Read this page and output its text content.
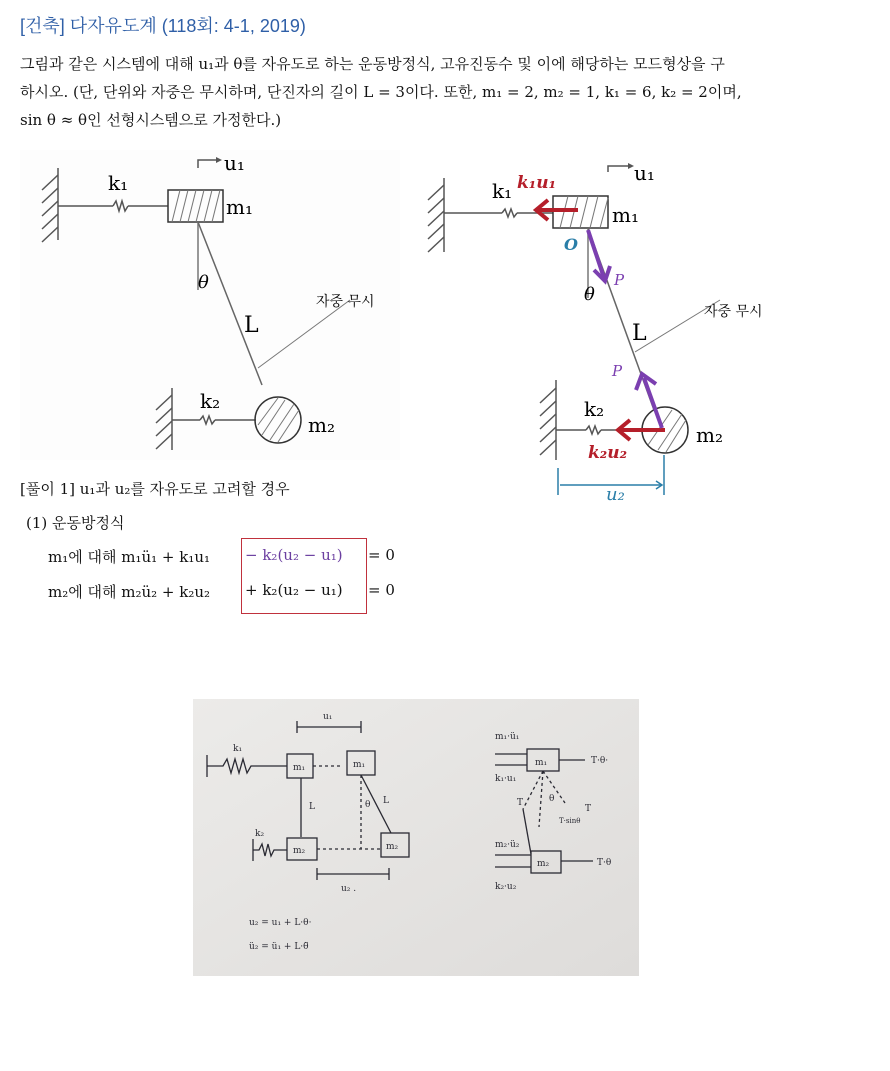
[건축] 다자유도계 (118회: 4-1, 2019)
그림과 같은 시스템에 대해 u₁과 θ를 자유도로 하는 운동방정식, 고유진동수 및 이에 해당하는 모드형상을 구
하시오. (단, 단위와 자중은 무시하며, 단진자의 길이 L = 3이다. 또한, m₁ = 2, m₂ = 1, k₁ = 6, k₂ = 2이며,
sin θ ≈ θ인 선형시스템으로 가정한다.)
k₁
u₁
m₁
θ
L
자중 무시
k₂
m₂
k₁ k₁u₁	u₁
m₁
O
P
θ
L
자중 무시
P
k₂
m₂
k₂u₂
u₂
[풀이 1] u₁과 u₂를 자유도로 고려할 경우
(1) 운동방정식
m₁에 대해 m₁ü₁ + k₁u₁ − k₂(u₂ − u₁) = 0
m₂에 대해 m₂ü₂ + k₂u₂ + k₂(u₂ − u₁) = 0
u₁
k₁
m₁	m₁
L	θ L
k₂
m₂	m₂
u₂ .
u₂ = u₁ + L·θ·
ü₂ = ü₁ + L·θ̈
m₁·ü₁
k₁·u₁
m₁	T·θ·
T
T
θ
T·sinθ
m₂·ü₂
m₂	T·θ
k₂·u₂
